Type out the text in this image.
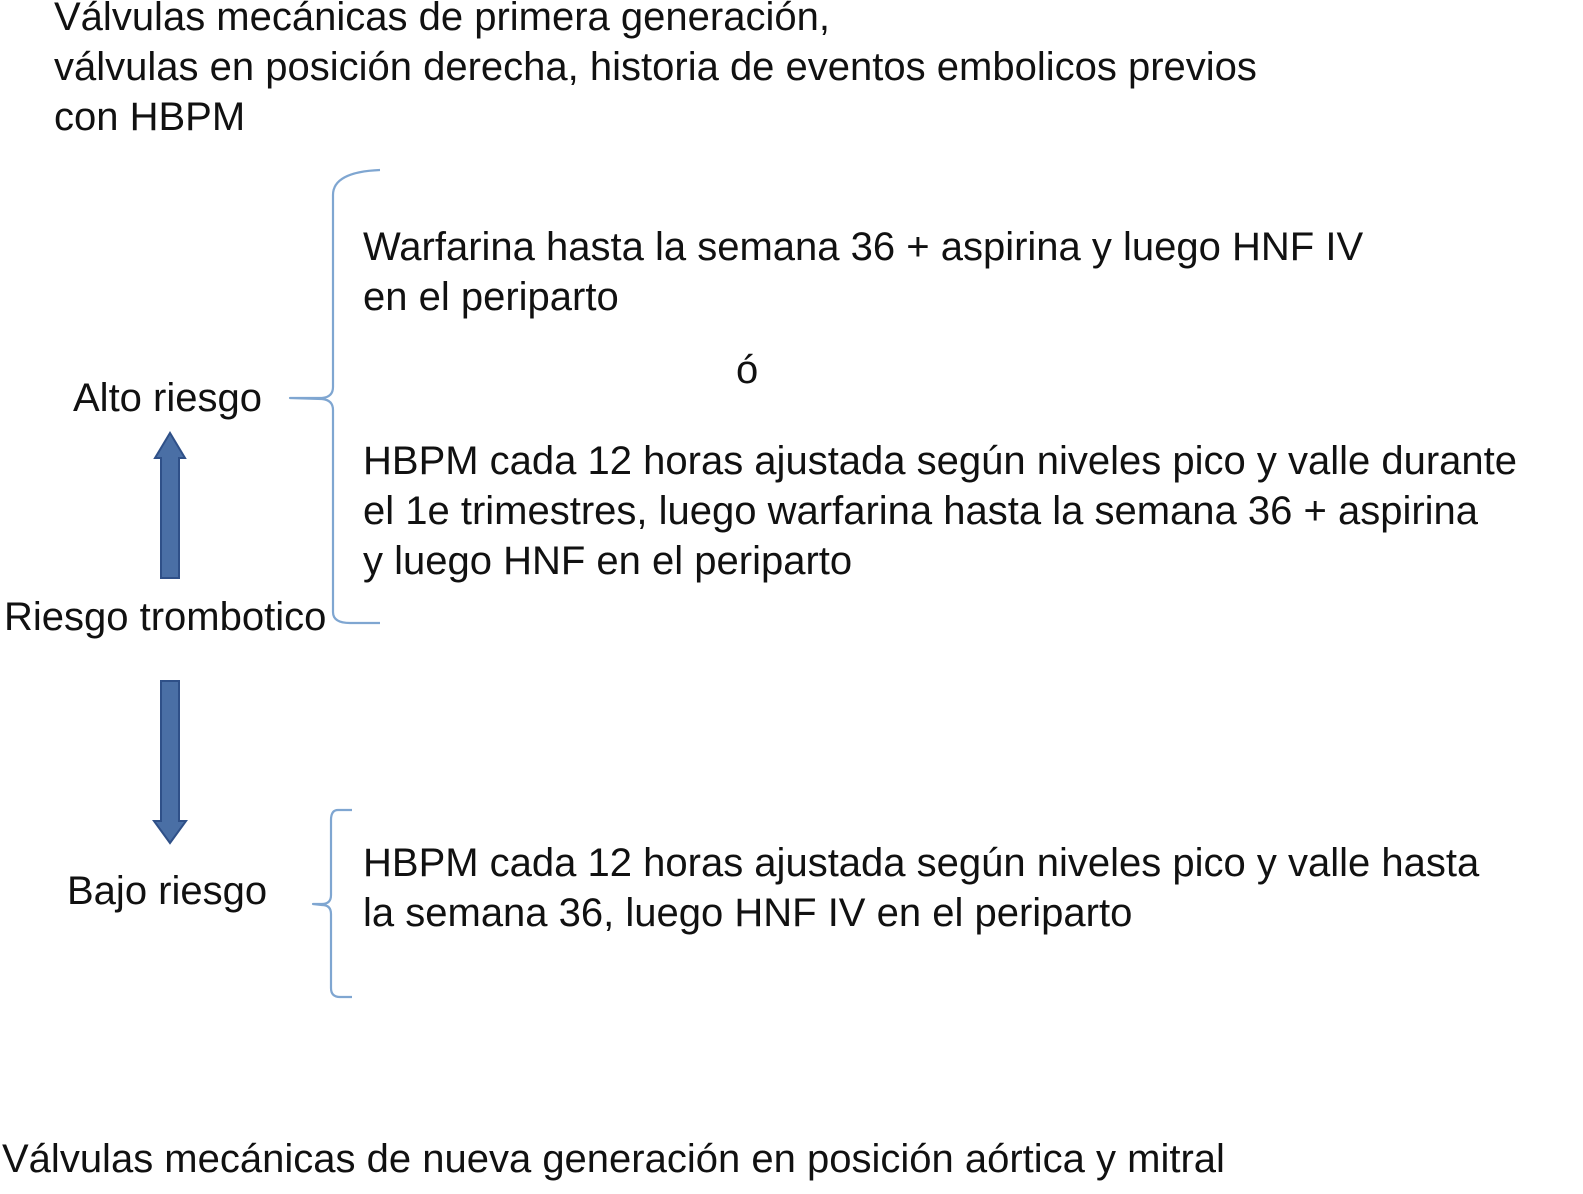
Válvulas mecánicas de primera generación,

válvulas en posición derecha, historia de eventos embolicos previos

con HBPM

Warfarina hasta la semana 36 + aspirina y luego HNF IV

en el periparto

ó

HBPM cada 12 horas ajustada según niveles pico y valle durante

el 1e trimestres, luego warfarina hasta la semana 36 + aspirina

y luego HNF en el periparto

HBPM cada 12 horas ajustada según niveles pico y valle hasta

la semana 36, luego HNF IV en el periparto

Alto riesgo
Riesgo trombotico
Bajo riesgo
Válvulas mecánicas de nueva generación en posición aórtica y mitral
